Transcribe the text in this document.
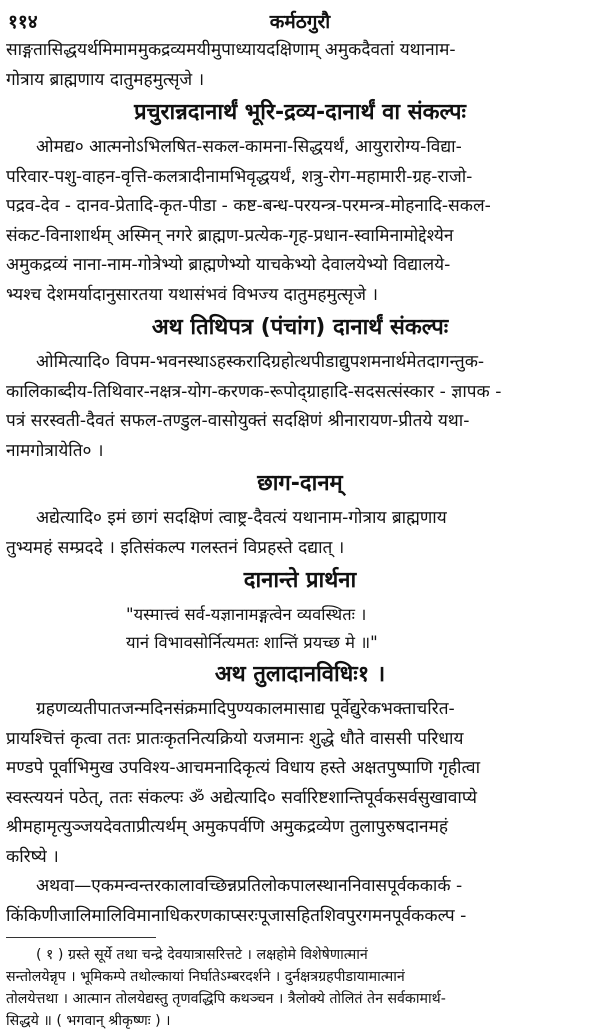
११४	कर्मठगुरौ
साङ्गतासिद्धयर्थमिमाममुकद्रव्यमयीमुपाध्यायदक्षिणाम् अमुकदैवतां यथानाम-
गोत्राय ब्राह्मणाय दातुमहमुत्सृजे ।
प्रचुरान्नदानार्थं भूरि-द्रव्य-दानार्थं वा संकल्पः
ओमद्य० आत्मनोऽभिलषित-सकल-कामना-सिद्धयर्थं, आयुरारोग्य-विद्या-
परिवार-पशु-वाहन-वृत्ति-कलत्रादीनामभिवृद्धयर्थं, शत्रु-रोग-महामारी-ग्रह-राजो-
पद्रव-देव - दानव-प्रेतादि-कृत-पीडा - कष्ट-बन्ध-परयन्त्र-परमन्त्र-मोहनादि-सकल-
संकट-विनाशार्थम् अस्मिन् नगरे ब्राह्मण-प्रत्येक-गृह-प्रधान-स्वामिनामोद्देश्येन
अमुकद्रव्यं नाना-नाम-गोत्रेभ्यो ब्राह्मणेभ्यो याचकेभ्यो देवालयेभ्यो विद्यालये-
भ्यश्च देशमर्यादानुसारतया यथासंभवं विभज्य दातुमहमुत्सृजे ।
अथ तिथिपत्र (पंचांग) दानार्थं संकल्पः
ओमित्यादि० विपम-भवनस्थाऽहस्करादिग्रहोत्थपीडाद्युपशमनार्थमेतदागन्तुक-
कालिकाब्दीय-तिथिवार-नक्षत्र-योग-करणक-रूपोद्ग्राहादि-सदसत्संस्कार - ज्ञापक -
पत्रं सरस्वती-दैवतं सफल-तण्डुल-वासोयुक्तं सदक्षिणं श्रीनारायण-प्रीतये यथा-
नामगोत्रायेति० ।
छाग-दानम्
अद्येत्यादि० इमं छागं सदक्षिणं त्वाष्ट्र-दैवत्यं यथानाम-गोत्राय ब्राह्मणाय
तुभ्यमहं सम्प्रददे । इतिसंकल्प गलस्तनं विप्रहस्ते दद्यात् ।
दानान्ते प्रार्थना
"यस्मात्त्वं सर्व-यज्ञानामङ्गत्वेन व्यवस्थितः ।
यानं विभावसोर्नित्यमतः शान्तिं प्रयच्छ मे ॥"
अथ तुलादानविधिः१ ।
ग्रहणव्यतीपातजन्मदिनसंक्रमादिपुण्यकालमासाद्य पूर्वेद्युरेकभक्ताचरित-
प्रायश्चित्तं कृत्वा ततः प्रातःकृतनित्यक्रियो यजमानः शुद्धे धौते वाससी परिधाय
मण्डपे पूर्वाभिमुख उपविश्य-आचमनादिकृत्यं विधाय हस्ते अक्षतपुष्पाणि गृहीत्वा
स्वस्त्ययनं पठेत्, ततः संकल्पः ॐ अद्येत्यादि० सर्वारिष्टशान्तिपूर्वकसर्वसुखावाप्ये
श्रीमहामृत्युञ्जयदेवताप्रीत्यर्थम् अमुकपर्वणि अमुकद्रव्येण तुलापुरुषदानमहं
करिष्ये ।
अथवा—एकमन्वन्तरकालावच्छिन्नप्रतिलोकपालस्थाननिवासपूर्वककार्क -
किंकिणीजालिमालिविमानाधिकरणकाप्सरःपूजासहितशिवपुरगमनपूर्वककल्प -
( १ ) ग्रस्ते सूर्ये तथा चन्द्रे देवयात्रासरित्तटे । लक्षहोमे विशेषेणात्मानं
सन्तोलयेन्नृप । भूमिकम्पे तथोल्कायां निर्घातेऽम्बरदर्शने । दुर्नक्षत्रग्रहपीडायामात्मानं
तोलयेत्तथा । आत्मान तोलयेद्यस्तु तृणवद्धिपि कथञ्चन । त्रैलोक्ये तोलितं तेन सर्वकामार्थ-
सिद्धये ॥ ( भगवान् श्रीकृष्णः ) ।
